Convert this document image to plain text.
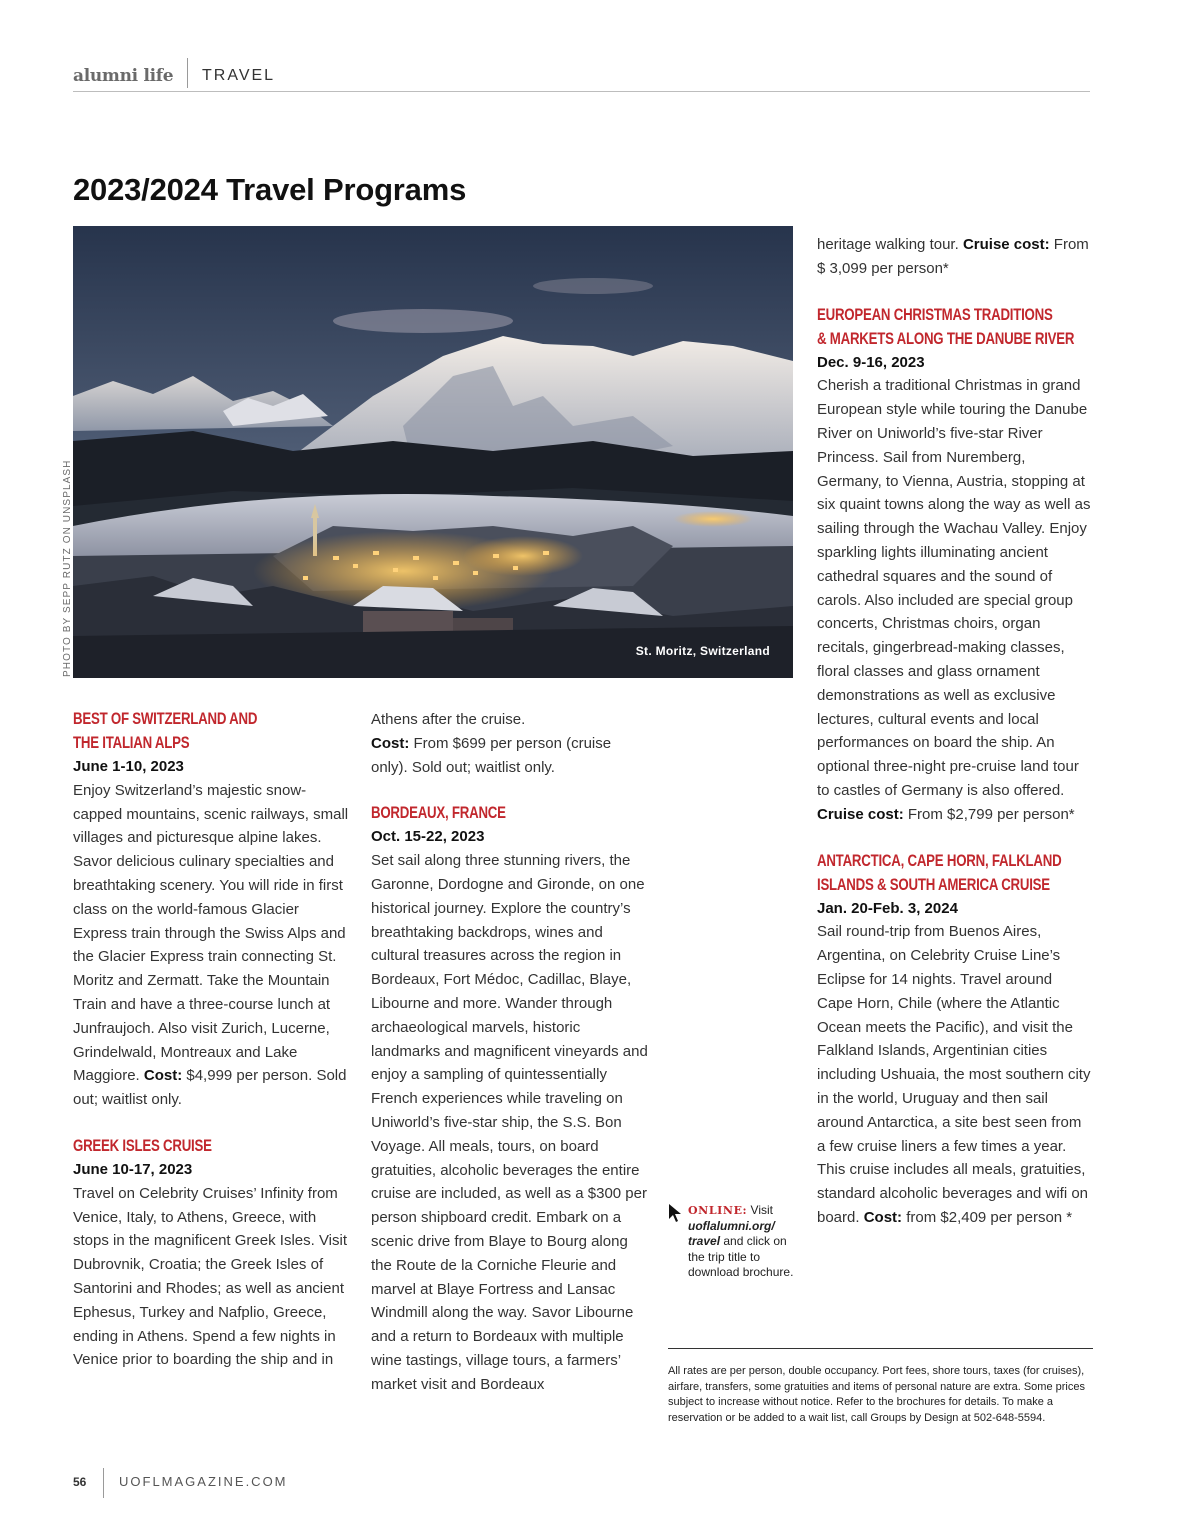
alumni life TRAVEL
2023/2024 Travel Programs
St. Moritz, Switzerland
PHOTO BY SEPP RUTZ ON UNSPLASH
BEST OF SWITZERLAND AND
THE ITALIAN ALPS
June 1-10, 2023

Enjoy Switzerland’s majestic snow-capped mountains, scenic railways, small villages and picturesque alpine lakes. Savor delicious culinary specialties and breathtaking scenery. You will ride in first class on the world-famous Glacier Express train through the Swiss Alps and the Glacier Express train connecting St. Moritz and Zermatt. Take the Mountain Train and have a three-course lunch at Junfraujoch. Also visit Zurich, Lucerne, Grindelwald, Montreaux and Lake Maggiore. Cost: $4,999 per person. Sold out; waitlist only.

GREEK ISLES CRUISE
June 10-17, 2023

Travel on Celebrity Cruises’ Infinity from Venice, Italy, to Athens, Greece, with stops in the magnificent Greek Isles. Visit Dubrovnik, Croatia; the Greek Isles of Santorini and Rhodes; as well as ancient Ephesus, Turkey and Nafplio, Greece, ending in Athens. Spend a few nights in Venice prior to boarding the ship and in

Athens after the cruise.
Cost: From $699 per person (cruise only). Sold out; waitlist only.

BORDEAUX, FRANCE
Oct. 15-22, 2023

Set sail along three stunning rivers, the Garonne, Dordogne and Gironde, on one historical journey. Explore the country’s breathtaking backdrops, wines and cultural treasures across the region in Bordeaux, Fort Médoc, Cadillac, Blaye, Libourne and more. Wander through archaeological marvels, historic landmarks and magnificent vineyards and enjoy a sampling of quintessentially French experiences while traveling on Uniworld’s five-star ship, the S.S. Bon Voyage. All meals, tours, on board gratuities, alcoholic beverages the entire cruise are included, as well as a $300 per person shipboard credit. Embark on a scenic drive from Blaye to Bourg along the Route de la Corniche Fleurie and marvel at Blaye Fortress and Lansac Windmill along the way. Savor Libourne and a return to Bordeaux with multiple wine tastings, village tours, a farmers’ market visit and Bordeaux

ONLINE: Visit uoflalumni.org/ travel and click on the trip title to download brochure.

heritage walking tour. Cruise cost: From $ 3,099 per person*

EUROPEAN CHRISTMAS TRADITIONS
& MARKETS ALONG THE DANUBE RIVER
Dec. 9-16, 2023

Cherish a traditional Christmas in grand European style while touring the Danube River on Uniworld’s five-star River Princess. Sail from Nuremberg, Germany, to Vienna, Austria, stopping at six quaint towns along the way as well as sailing through the Wachau Valley. Enjoy sparkling lights illuminating ancient cathedral squares and the sound of carols. Also included are special group concerts, Christmas choirs, organ recitals, gingerbread-making classes, floral classes and glass ornament demonstrations as well as exclusive lectures, cultural events and local performances on board the ship. An optional three-night pre-cruise land tour to castles of Germany is also offered. Cruise cost: From $2,799 per person*

ANTARCTICA, CAPE HORN, FALKLAND
ISLANDS & SOUTH AMERICA CRUISE
Jan. 20-Feb. 3, 2024

Sail round-trip from Buenos Aires, Argentina, on Celebrity Cruise Line’s Eclipse for 14 nights. Travel around Cape Horn, Chile (where the Atlantic Ocean meets the Pacific), and visit the Falkland Islands, Argentinian cities including Ushuaia, the most southern city in the world, Uruguay and then sail around Antarctica, a site best seen from a few cruise liners a few times a year. This cruise includes all meals, gratuities, standard alcoholic beverages and wifi on board. Cost: from $2,409 per person *

All rates are per person, double occupancy. Port fees, shore tours, taxes (for cruises), airfare, transfers, some gratuities and items of personal nature are extra. Some prices subject to increase without notice. Refer to the brochures for details. To make a reservation or be added to a wait list, call Groups by Design at 502-648-5594.
56	UOFLMAGAZINE.COM
